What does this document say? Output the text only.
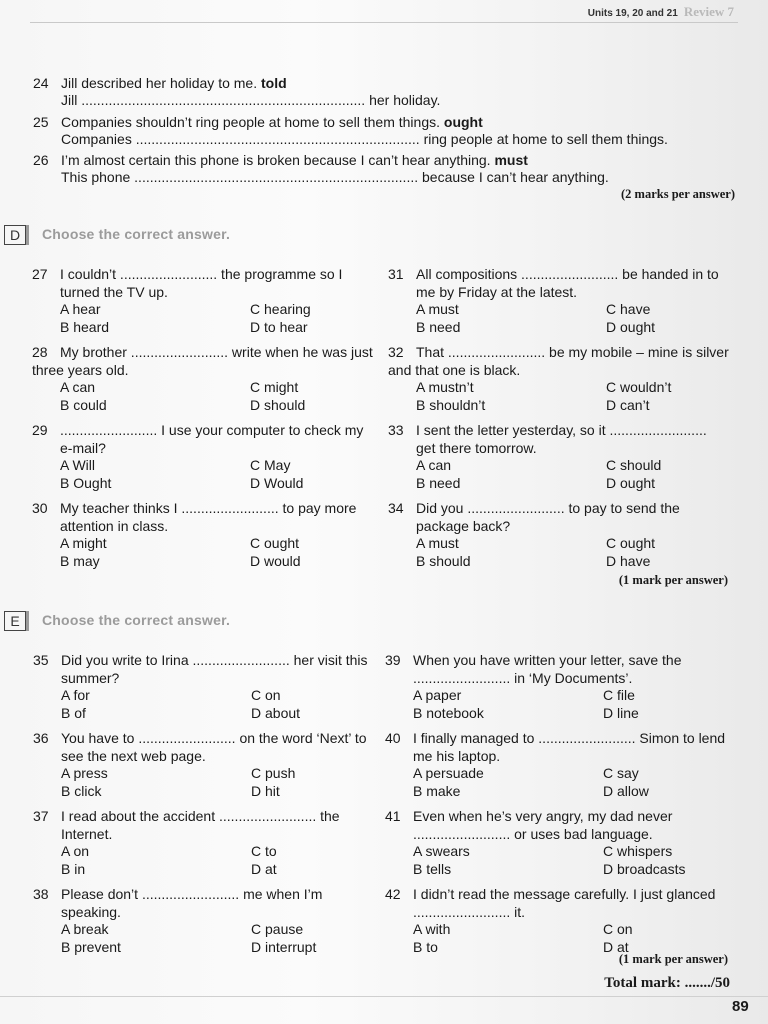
Units 19, 20 and 21 Review 7
24 Jill described her holiday to me. told
Jill ......................................................................... her holiday.
25 Companies shouldn’t ring people at home to sell them things. ought
Companies ......................................................................... ring people at home to sell them things.
26 I’m almost certain this phone is broken because I can’t hear anything. must
This phone ......................................................................... because I can’t hear anything.
(2 marks per answer)
D	Choose the correct answer.
27 I couldn’t ......................... the programme so I
turned the TV up.
A hear
B heard
C hearing
D to hear
28 My brother ......................... write when he was just
three years old.
A can
B could
C might
D should
29 ......................... I use your computer to check my
e-mail?
A Will
B Ought
C May
D Would
30 My teacher thinks I ......................... to pay more
attention in class.
A might
B may
C ought
D would
31 All compositions ......................... be handed in to
me by Friday at the latest.
A must
B need
C have
D ought
32 That ......................... be my mobile – mine is silver
and that one is black.
A mustn’t
B shouldn’t
C wouldn’t
D can’t
33 I sent the letter yesterday, so it .........................
get there tomorrow.
A can
B need
C should
D ought
34 Did you ......................... to pay to send the
package back?
A must
B should
C ought
D have
(1 mark per answer)
E	Choose the correct answer.
35 Did you write to Irina ......................... her visit this
summer?
A for
B of
C on
D about
36 You have to ......................... on the word ‘Next’ to
see the next web page.
A press
B click
C push
D hit
37 I read about the accident ......................... the
Internet.
A on
B in
C to
D at
38 Please don’t ......................... me when I’m
speaking.
A break
B prevent
C pause
D interrupt
39 When you have written your letter, save the
......................... in ‘My Documents’.
A paper
B notebook
C file
D line
40 I finally managed to ......................... Simon to lend
me his laptop.
A persuade
B make
C say
D allow
41 Even when he’s very angry, my dad never
......................... or uses bad language.
A swears
B tells
C whispers
D broadcasts
42 I didn’t read the message carefully. I just glanced
......................... it.
A with
B to
C on
D at
(1 mark per answer)
Total mark: ......./50
89
